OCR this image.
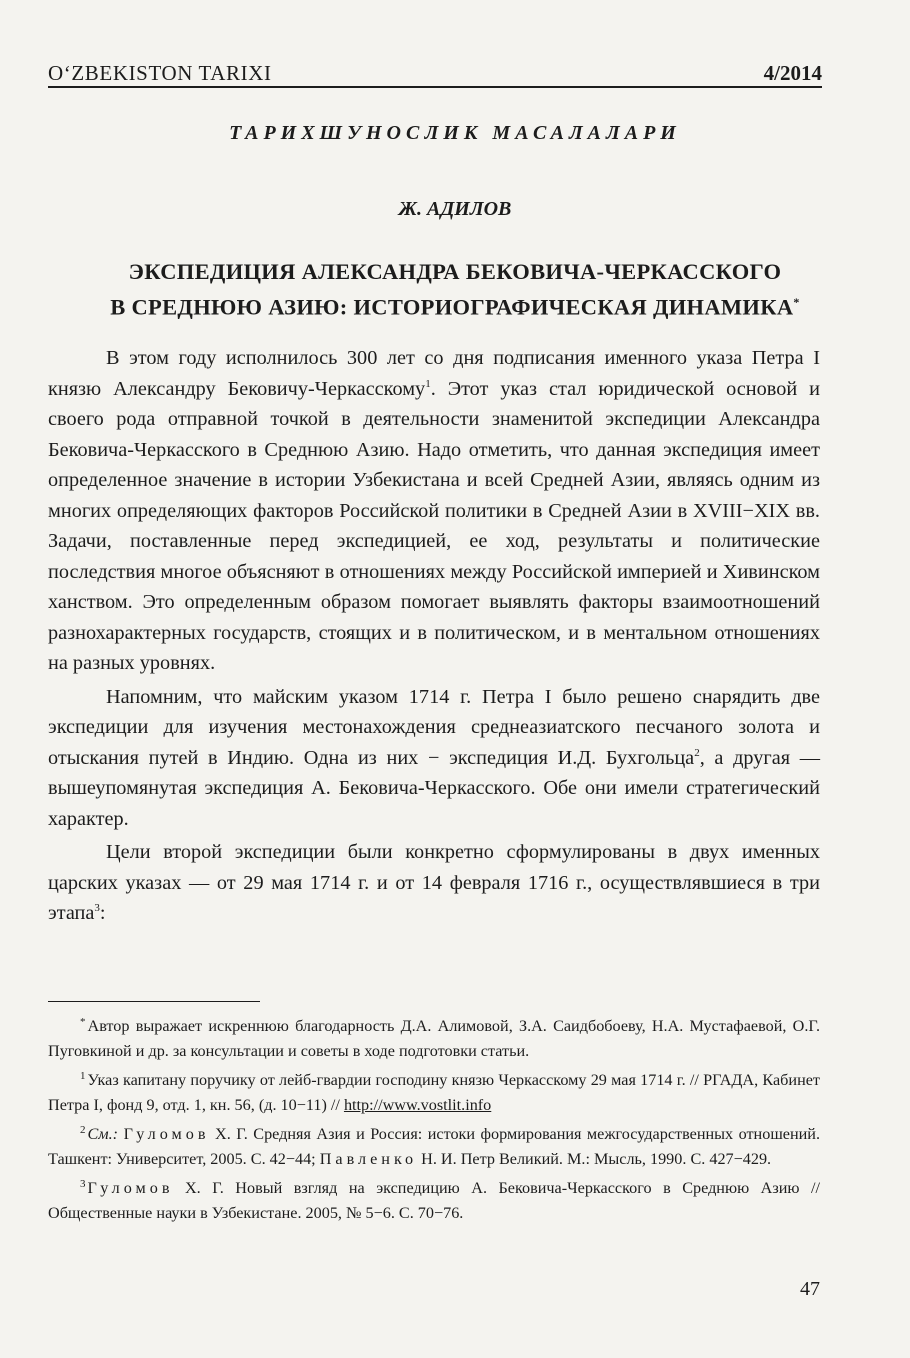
O‘ZBEKISTON TARIXI	4/2014
ТАРИХШУНОСЛИК МАСАЛАЛАРИ
Ж. АДИЛОВ
ЭКСПЕДИЦИЯ АЛЕКСАНДРА БЕКОВИЧА-ЧЕРКАССКОГО
В СРЕДНЮЮ АЗИЮ: ИСТОРИОГРАФИЧЕСКАЯ ДИНАМИКА*

В этом году исполнилось 300 лет со дня подписания именного указа Петра I князю Александру Бековичу-Черкасскому$^1$. Этот указ стал юридической основой и своего рода отправной точкой в деятельности знаменитой экспедиции Александра Бековича-Черкасского в Среднюю Азию. Надо отметить, что данная экспедиция имеет определенное значение в истории Узбекистана и всей Средней Азии, являясь одним из многих определяющих факторов Российской политики в Средней Азии в XVIII−XIX вв. Задачи, поставленные перед экспедицией, ее ход, результаты и политические последствия многое объясняют в отношениях между Российской империей и Хивинском ханством. Это определенным образом помогает выявлять факторы взаимоотношений разнохарактерных государств, стоящих и в политическом, и в ментальном отношениях на разных уровнях.

Напомним, что майским указом 1714 г. Петра I было решено снарядить две экспедиции для изучения местонахождения среднеазиатского песчаного золота и отыскания путей в Индию. Одна из них − экспедиция И.Д. Бухгольца$^2$, а другая — вышеупомянутая экспедиция А. Бековича-Черкасского. Обе они имели стратегический характер.

Цели второй экспедиции были конкретно сформулированы в двух именных царских указах — от 29 мая 1714 г. и от 14 февраля 1716 г., осуществлявшиеся в три этапа$^3$:

* Автор выражает искреннюю благодарность Д.А. Алимовой, З.А. Саидбобоеву, Н.А. Мустафаевой, О.Г. Пуговкиной и др. за консультации и советы в ходе подготовки статьи.

$^1$ Указ капитану поручику от лейб-гвардии господину князю Черкасскому 29 мая 1714 г. // РГАДА, Кабинет Петра I, фонд 9, отд. 1, кн. 56, (д. 10−11) // http://www.vostlit.info

$^2$ См.: Гуломов Х. Г. Средняя Азия и Россия: истоки формирования межгосударственных отношений. Ташкент: Университет, 2005. С. 42−44; Павленко Н. И. Петр Великий. М.: Мысль, 1990. С. 427−429.

$^3$ Гуломов Х. Г. Новый взгляд на экспедицию А. Бековича-Черкасского в Среднюю Азию // Общественные науки в Узбекистане. 2005, № 5−6. С. 70−76.

47
